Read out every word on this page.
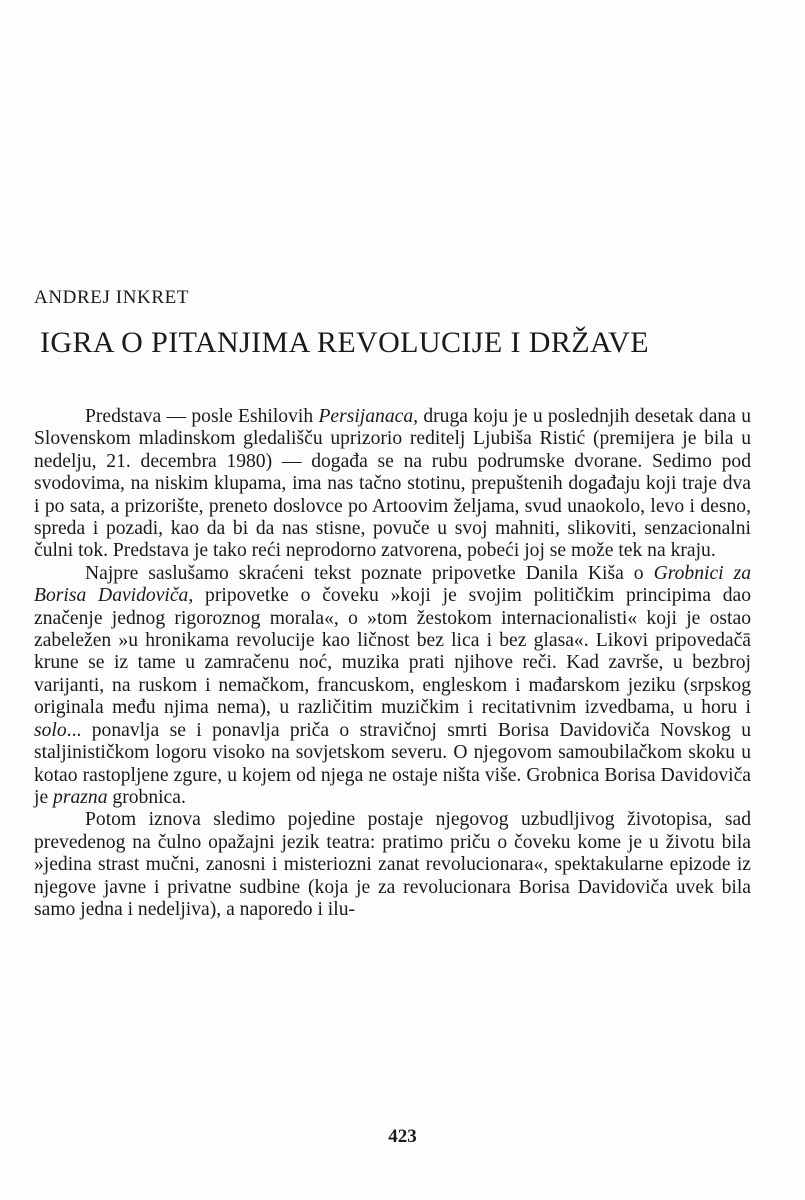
ANDREJ INKRET
IGRA O PITANJIMA REVOLUCIJE I DRŽAVE

Predstava — posle Eshilovih Persijanaca, druga koju je u poslednjih desetak dana u Slovenskom mladinskom gledališču uprizorio reditelj Ljubiša Ristić (premijera je bila u nedelju, 21. decembra 1980) — događa se na rubu podrumske dvorane. Sedimo pod svodovima, na niskim klupama, ima nas tačno stotinu, prepuštenih događaju koji traje dva i po sata, a prizorište, preneto doslovce po Artoovim željama, svud unaokolo, levo i desno, spreda i pozadi, kao da bi da nas stisne, povuče u svoj mahniti, slikoviti, senzacionalni čulni tok. Predstava je tako reći neprodorno zatvorena, pobeći joj se može tek na kraju.

Najpre saslušamo skraćeni tekst poznate pripovetke Danila Kiša o Grobnici za Borisa Davidoviča, pripovetke o čoveku »koji je svojim političkim principima dao značenje jednog rigoroznog morala«, o »tom žestokom internacionalisti« koji je ostao zabeležen »u hronikama revolucije kao ličnost bez lica i bez glasa«. Likovi pripovedačā krune se iz tame u zamračenu noć, muzika prati njihove reči. Kad završe, u bezbroj varijanti, na ruskom i nemačkom, francuskom, engleskom i mađarskom jeziku (srpskog originala među njima nema), u različitim muzičkim i recitativnim izvedbama, u horu i solo... ponavlja se i ponavlja priča o stravičnoj smrti Borisa Davidoviča Novskog u staljinističkom logoru visoko na sovjetskom severu. O njegovom samoubilačkom skoku u kotao rastopljene zgure, u kojem od njega ne ostaje ništa više. Grobnica Borisa Davidoviča je prazna grobnica.

Potom iznova sledimo pojedine postaje njegovog uzbudljivog životopisa, sad prevedenog na čulno opažajni jezik teatra: pratimo priču o čoveku kome je u životu bila »jedina strast mučni, zanosni i misteriozni zanat revolucionara«, spektakularne epizode iz njegove javne i privatne sudbine (koja je za revolucionara Borisa Davidoviča uvek bila samo jedna i nedeljiva), a naporedo i ilu-

423
